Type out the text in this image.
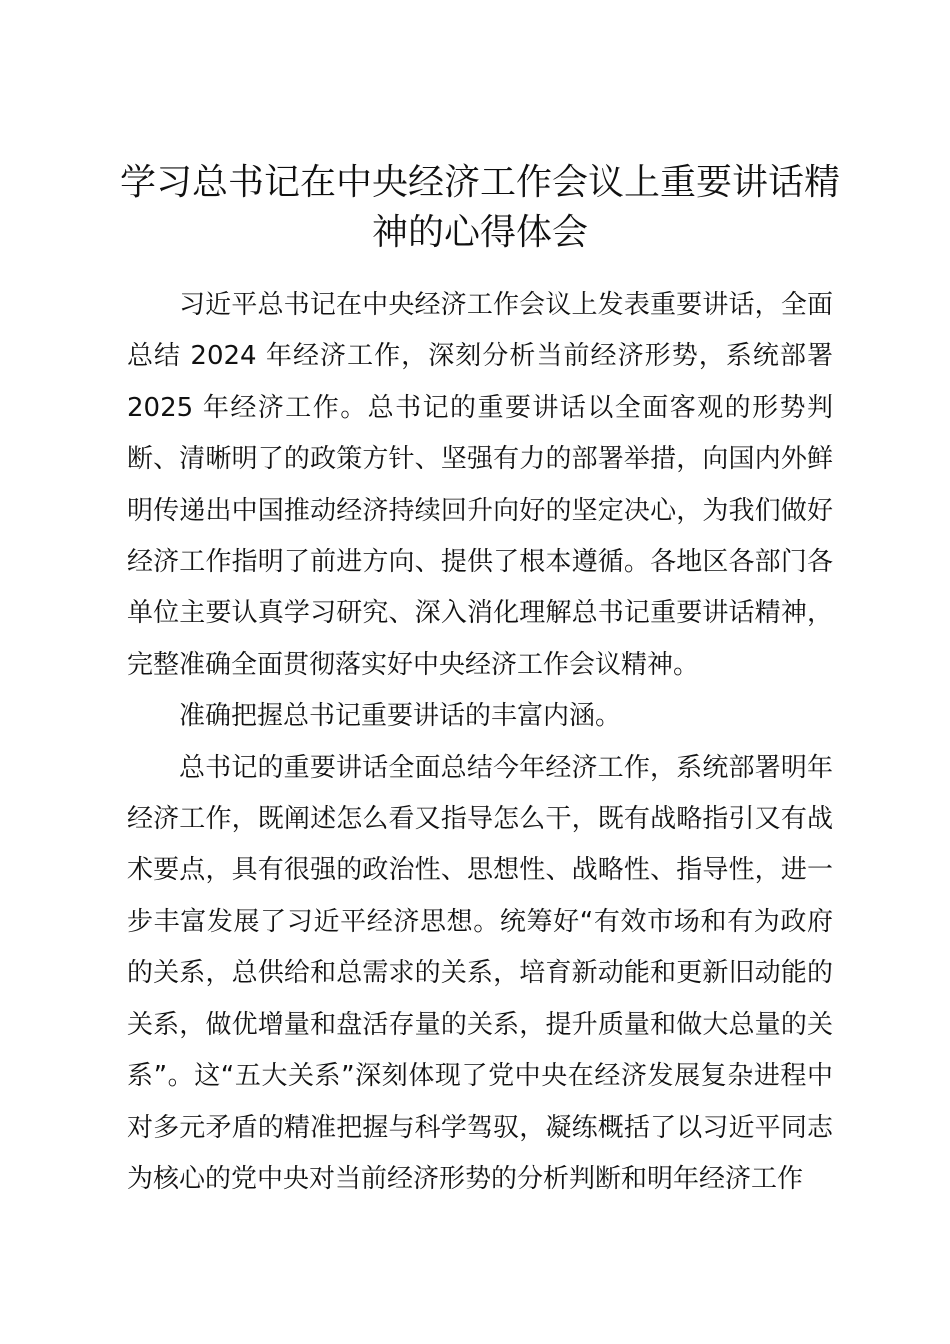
学习总书记在中央经济工作会议上重要讲话精神的心得体会

习近平总书记在中央经济工作会议上发表重要讲话，全面总结 2024 年经济工作，深刻分析当前经济形势，系统部署 2025 年经济工作。总书记的重要讲话以全面客观的形势判断、清晰明了的政策方针、坚强有力的部署举措，向国内外鲜明传递出中国推动经济持续回升向好的坚定决心，为我们做好经济工作指明了前进方向、提供了根本遵循。各地区各部门各单位主要认真学习研究、深入消化理解总书记重要讲话精神，完整准确全面贯彻落实好中央经济工作会议精神。

准确把握总书记重要讲话的丰富内涵。

总书记的重要讲话全面总结今年经济工作，系统部署明年经济工作，既阐述怎么看又指导怎么干，既有战略指引又有战术要点，具有很强的政治性、思想性、战略性、指导性，进一步丰富发展了习近平经济思想。统筹好“有效市场和有为政府的关系，总供给和总需求的关系，培育新动能和更新旧动能的关系，做优增量和盘活存量的关系，提升质量和做大总量的关系”。这“五大关系”深刻体现了党中央在经济发展复杂进程中对多元矛盾的精准把握与科学驾驭，凝练概括了以习近平同志为核心的党中央对当前经济形势的分析判断和明年经济工作
